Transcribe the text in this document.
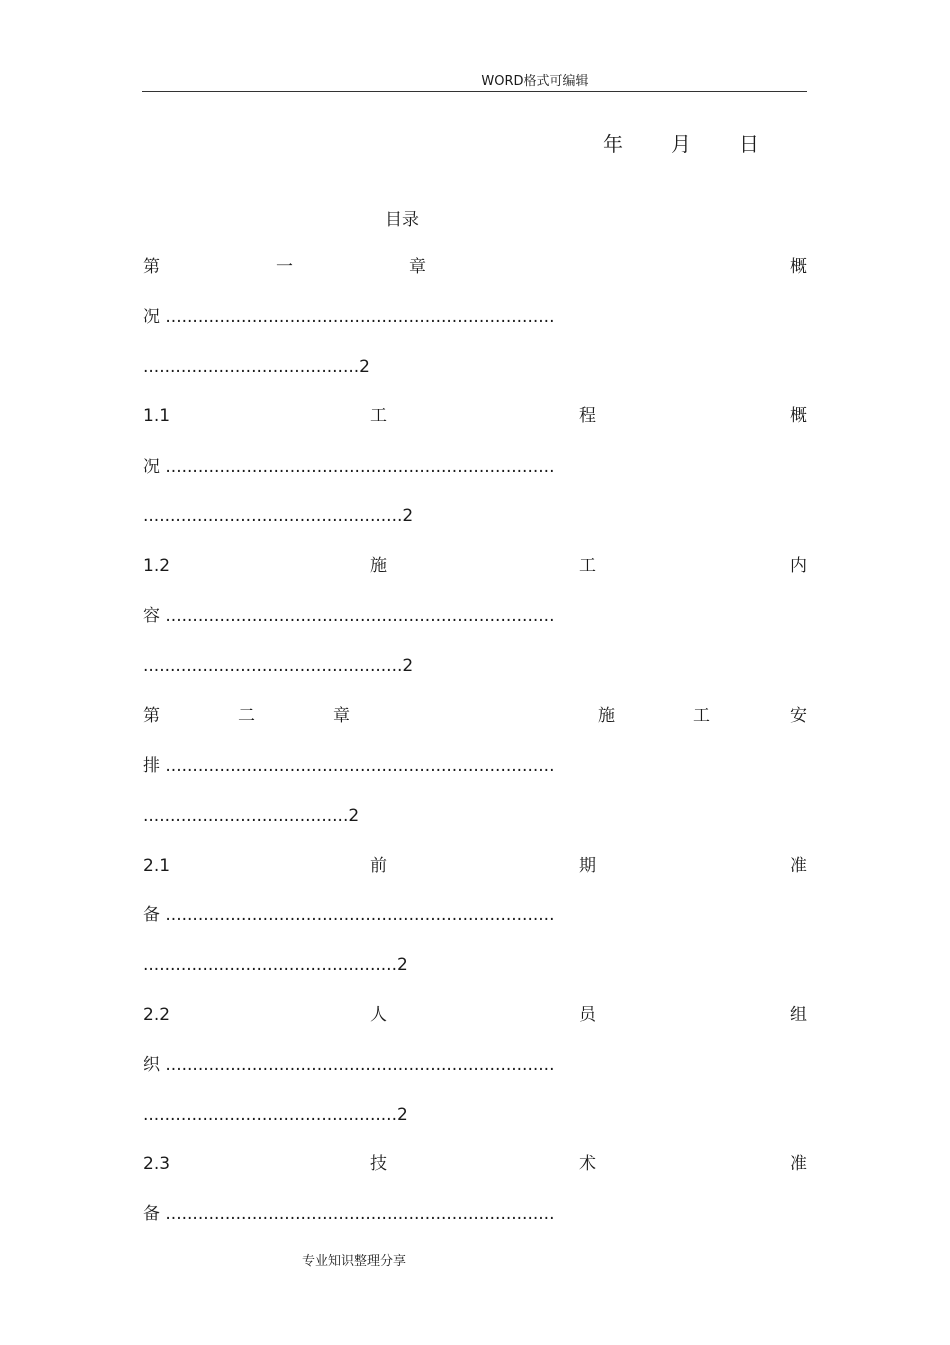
WORD格式可编辑
年 月 日
目录
第	一	章	概
况 ........................................................................
........................................2
1.1	工	程	概
况 ........................................................................
................................................2
1.2	施	工	内
容 ........................................................................
................................................2
第	二	章	施	工	安
排 ........................................................................
......................................2
2.1	前	期	准
备 ........................................................................
...............................................2
2.2	人	员	组
织 ........................................................................
...............................................2
2.3	技	术	准
备 ........................................................................
专业知识整理分享
